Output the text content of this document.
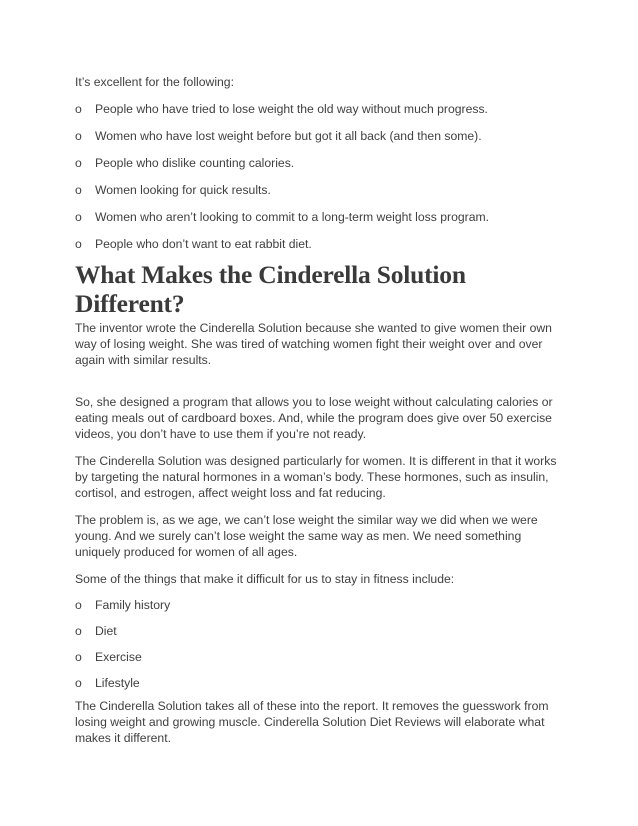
It’s excellent for the following:

o People who have tried to lose weight the old way without much progress.
o Women who have lost weight before but got it all back (and then some).
o People who dislike counting calories.
o Women looking for quick results.
o Women who aren’t looking to commit to a long-term weight loss program.
o People who don’t want to eat rabbit diet.
What Makes the Cinderella Solution Different?

The inventor wrote the Cinderella Solution because she wanted to give women their own way of losing weight. She was tired of watching women fight their weight over and over again with similar results.

So, she designed a program that allows you to lose weight without calculating calories or eating meals out of cardboard boxes. And, while the program does give over 50 exercise videos, you don’t have to use them if you’re not ready.

The Cinderella Solution was designed particularly for women. It is different in that it works by targeting the natural hormones in a woman’s body. These hormones, such as insulin, cortisol, and estrogen, affect weight loss and fat reducing.

The problem is, as we age, we can’t lose weight the similar way we did when we were young. And we surely can’t lose weight the same way as men. We need something uniquely produced for women of all ages.

Some of the things that make it difficult for us to stay in fitness include:

o Family history
o Diet
o Exercise
o Lifestyle

The Cinderella Solution takes all of these into the report. It removes the guesswork from losing weight and growing muscle. Cinderella Solution Diet Reviews will elaborate what makes it different.
